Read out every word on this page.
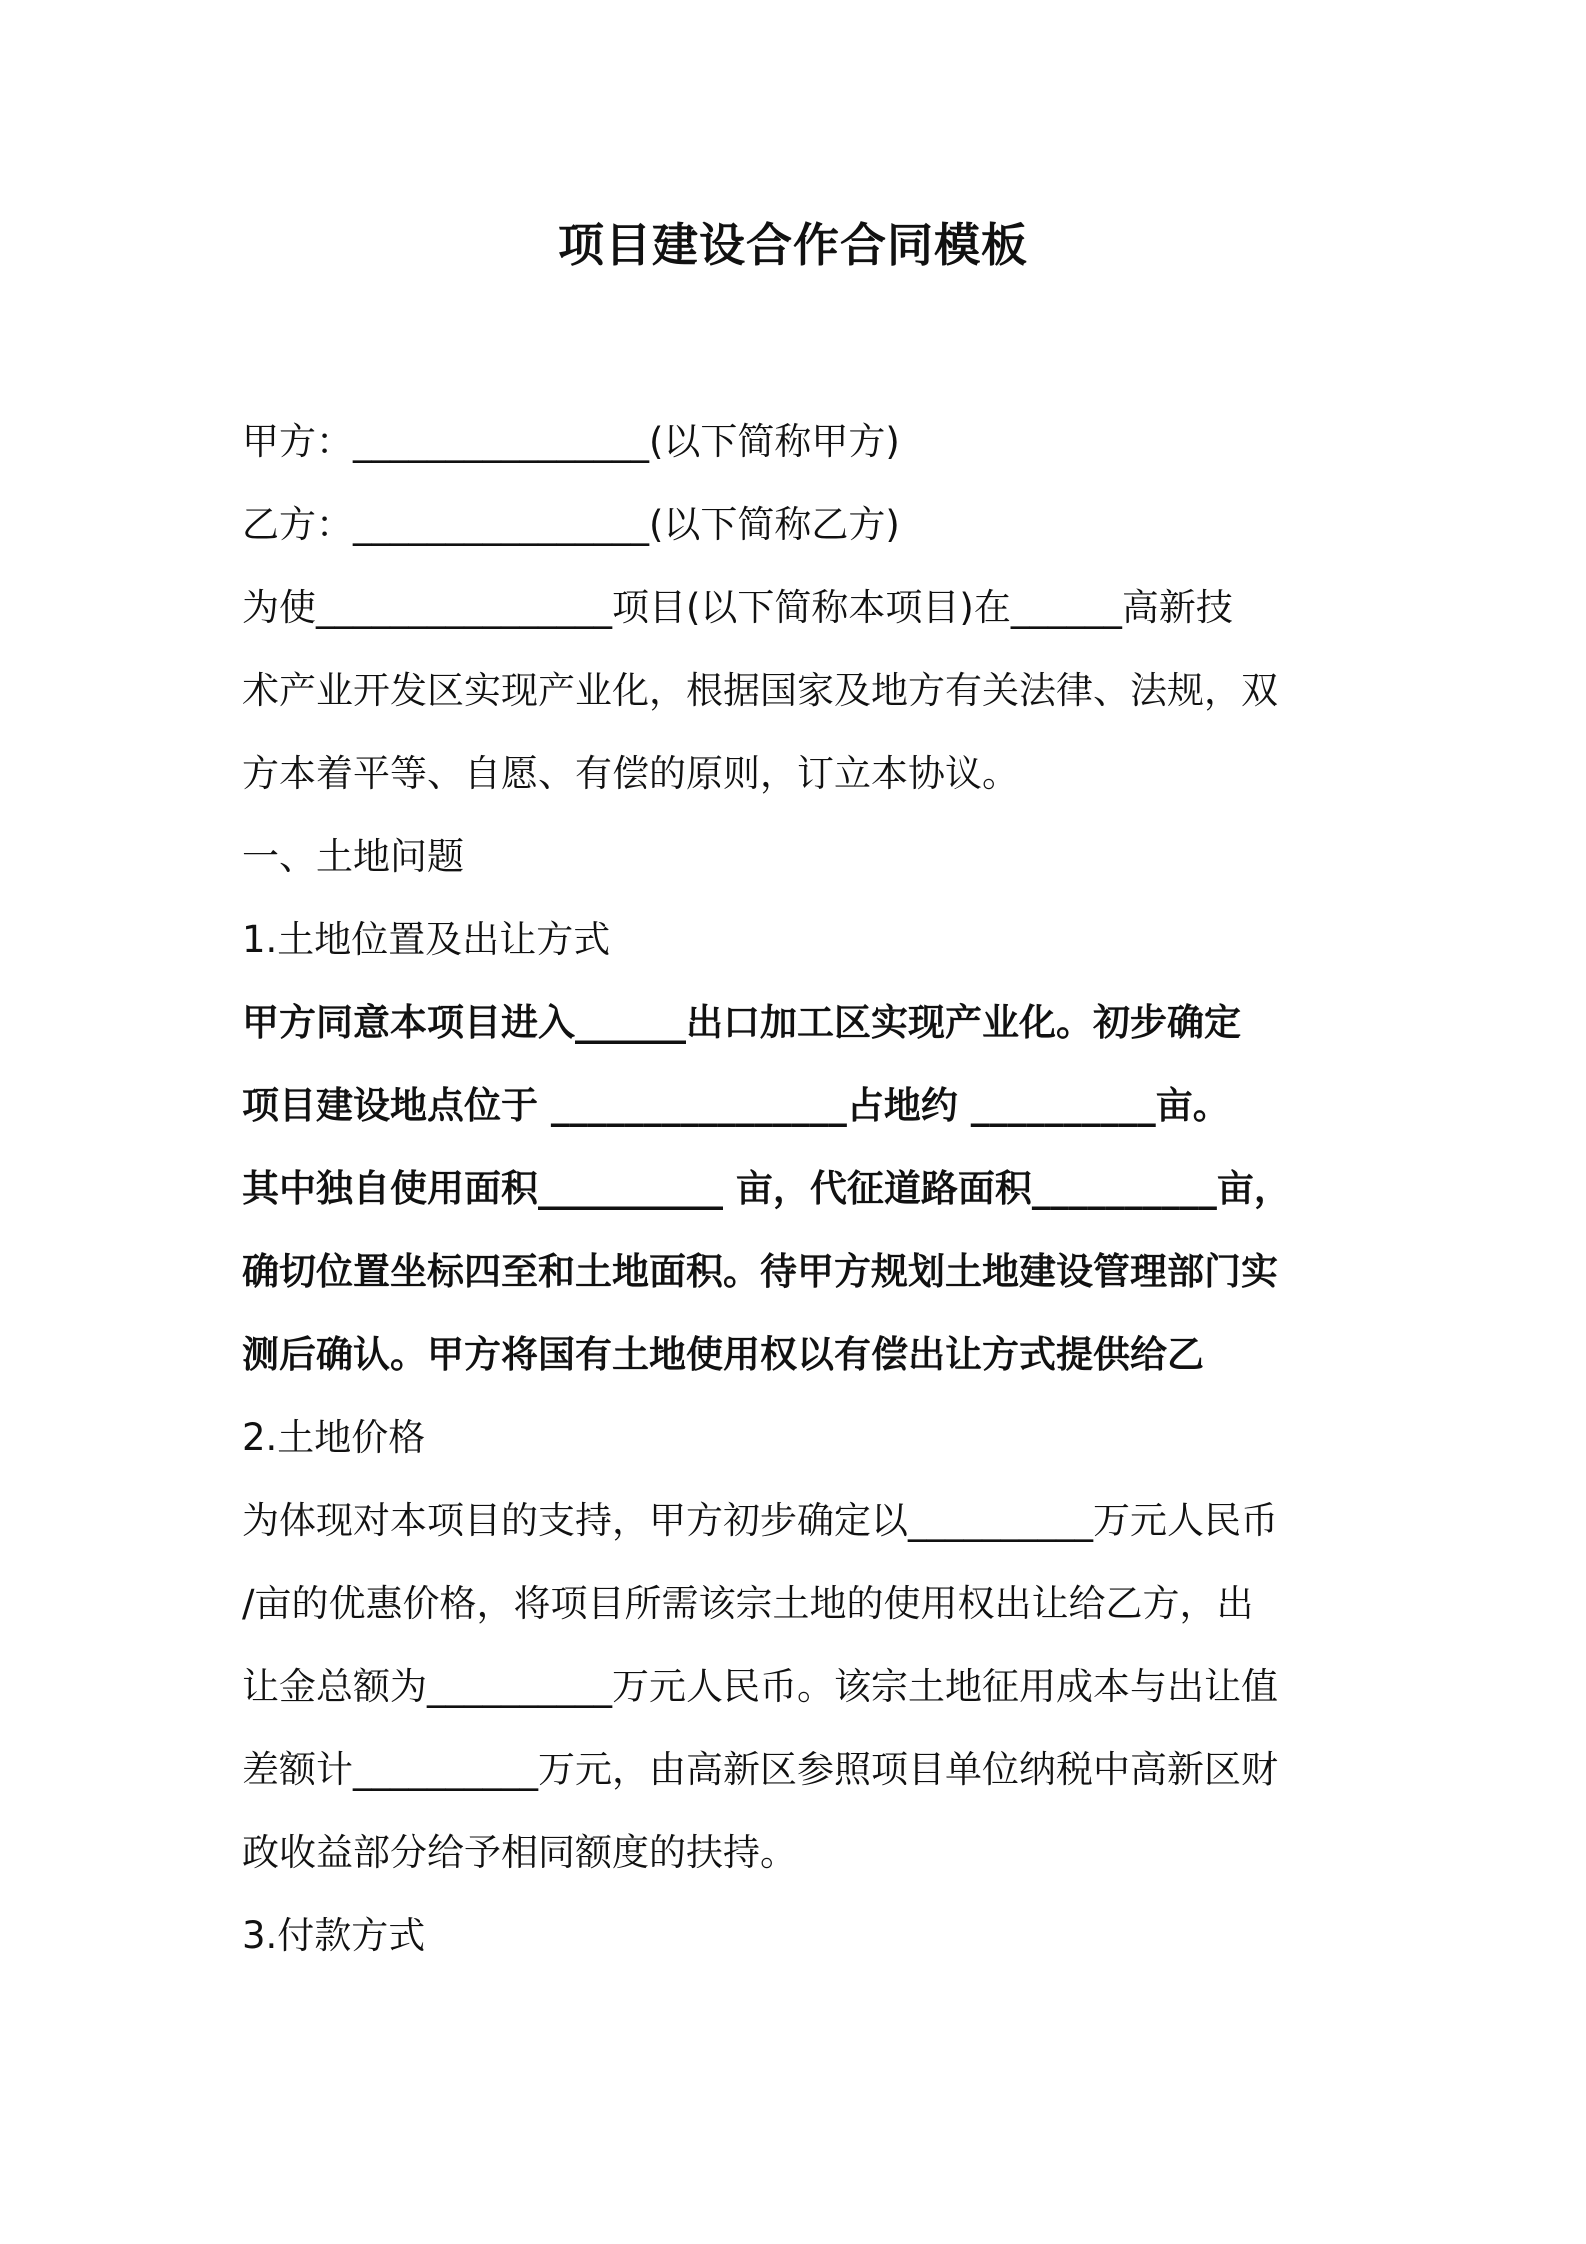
项目建设合作合同模板
甲方：________________(以下简称甲方)
乙方：________________(以下简称乙方)
为使________________项目(以下简称本项目)在______高新技
术产业开发区实现产业化，根据国家及地方有关法律、法规，双
方本着平等、自愿、有偿的原则，订立本协议。
一、土地问题
1.土地位置及出让方式
甲方同意本项目进入______出口加工区实现产业化。初步确定
项目建设地点位于 ________________占地约 __________亩。
其中独自使用面积__________ 亩，代征道路面积__________亩，
确切位置坐标四至和土地面积。待甲方规划土地建设管理部门实
测后确认。甲方将国有土地使用权以有偿出让方式提供给乙
2.土地价格
为体现对本项目的支持，甲方初步确定以__________万元人民币
/亩的优惠价格，将项目所需该宗土地的使用权出让给乙方，出
让金总额为__________万元人民币。该宗土地征用成本与出让值
差额计__________万元，由高新区参照项目单位纳税中高新区财
政收益部分给予相同额度的扶持。
3.付款方式
